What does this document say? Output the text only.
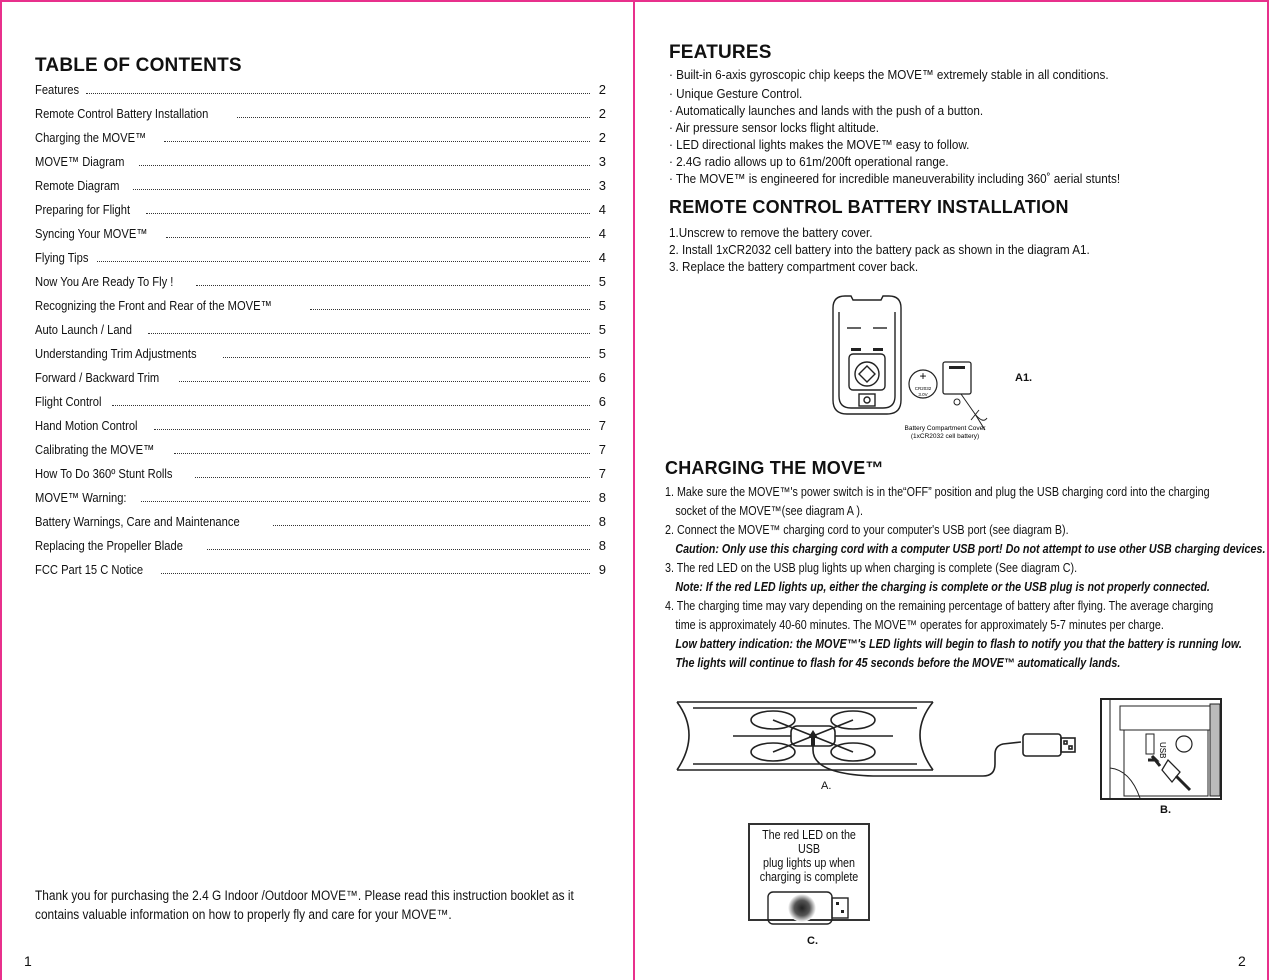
TABLE OF CONTENTS
Features	2
Remote Control Battery Installation	2
Charging the MOVE™	2
MOVE™ Diagram	3
Remote Diagram	3
Preparing for Flight	4
Syncing Your MOVE™	4
Flying Tips	4
Now You Are Ready To Fly !	5
Recognizing the Front and Rear of the MOVE™	5
Auto Launch / Land	5
Understanding Trim Adjustments	5
Forward / Backward Trim	6
Flight Control	6
Hand Motion Control	7
Calibrating the MOVE™	7
How To Do 360º Stunt Rolls	7
MOVE™ Warning:	8
Battery Warnings, Care and Maintenance	8
Replacing the Propeller Blade	8
FCC Part 15 C Notice	9
Thank you for purchasing the 2.4 G Indoor /Outdoor MOVE™. Please read this instruction booklet as it
contains valuable information on how to properly fly and care for your MOVE™.
1
FEATURES
· Built-in 6-axis gyroscopic chip keeps the MOVE™ extremely stable in all conditions.
· Unique Gesture Control.
· Automatically launches and lands with the push of a button.
· Air pressure sensor locks flight altitude.
· LED directional lights makes the MOVE™ easy to follow.
· 2.4G radio allows up to 61m/200ft operational range.
· The MOVE™ is engineered for incredible maneuverability including 360˚ aerial stunts!
REMOTE CONTROL BATTERY INSTALLATION
1.Unscrew to remove the battery cover.
2. Install 1xCR2032 cell battery into the battery pack as shown in the diagram A1.
3. Replace the battery compartment cover back.
+
CR2032
3.0V
Battery Compartment Cover
(1xCR2032 cell battery)
A1.
CHARGING THE MOVE™
1. Make sure the MOVE™'s power switch is in the“OFF” position and plug the USB charging cord into the charging
socket of the MOVE™(see diagram A ).
2. Connect the MOVE™ charging cord to your computer's USB port (see diagram B).
Caution: Only use this charging cord with a computer USB port! Do not attempt to use other USB charging devices.
3. The red LED on the USB plug lights up when charging is complete (See diagram C).
Note: If the red LED lights up, either the charging is complete or the USB plug is not properly connected.
4. The charging time may vary depending on the remaining percentage of battery after flying. The average charging
time is approximately 40-60 minutes. The MOVE™ operates for approximately 5-7 minutes per charge.
Low battery indication: the MOVE™'s LED lights will begin to flash to notify you that the battery is running low.
The lights will continue to flash for 45 seconds before the MOVE™ automatically lands.
A.
USB
B.
The red LED on the USB
plug lights up when
charging is complete
C.
2
